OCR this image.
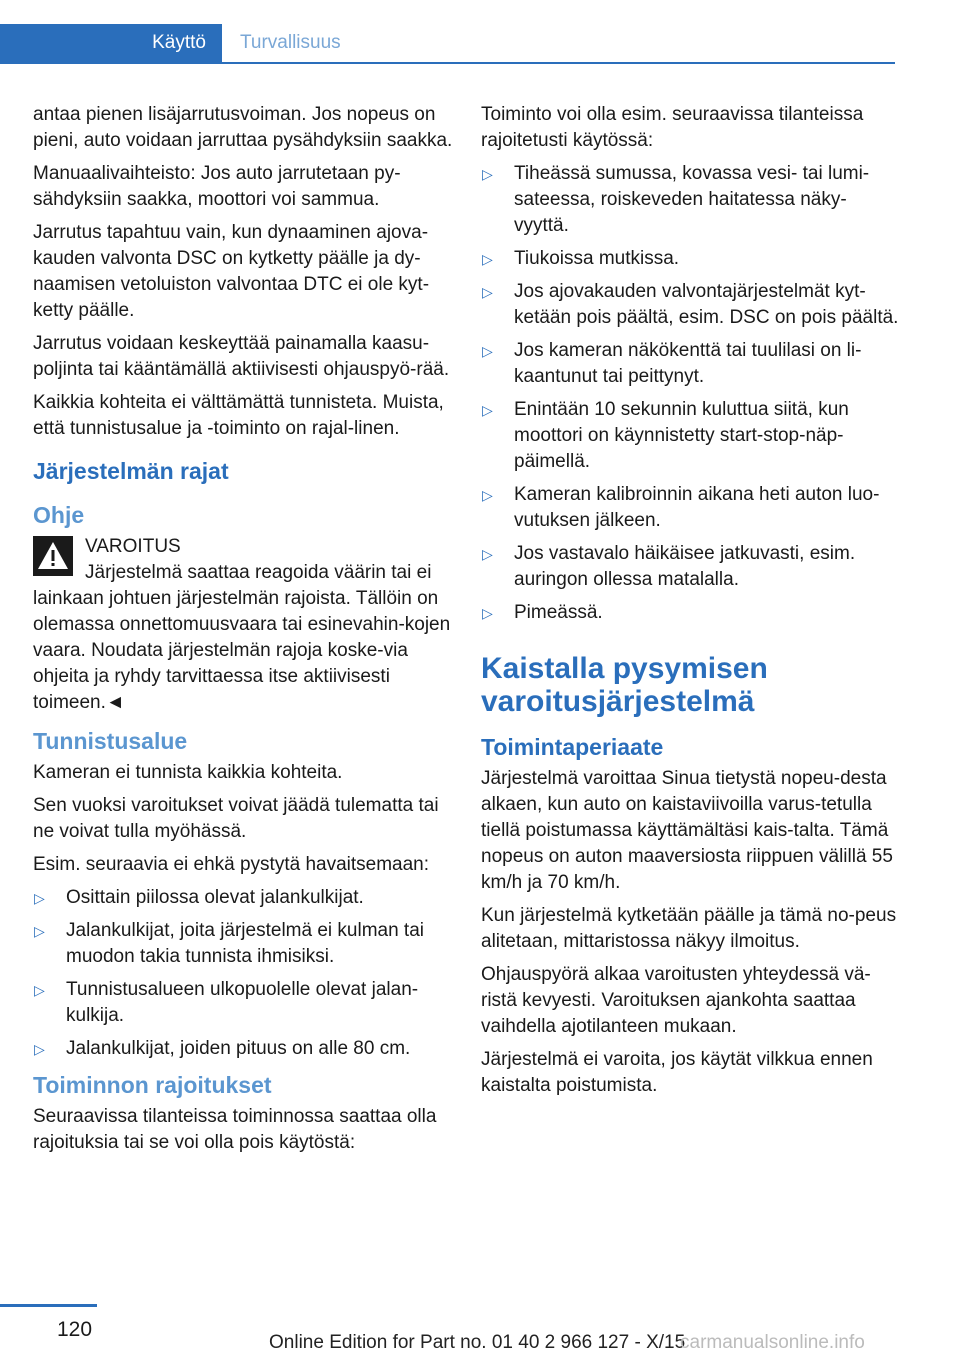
Käyttö	Turvallisuus

antaa pienen lisäjarrutusvoiman. Jos nopeus on pieni, auto voidaan jarruttaa pysähdyksiin saakka.

Manuaalivaihteisto: Jos auto jarrutetaan py‐sähdyksiin saakka, moottori voi sammua.

Jarrutus tapahtuu vain, kun dynaaminen ajova‐kauden valvonta DSC on kytketty päälle ja dy‐naamisen vetoluiston valvontaa DTC ei ole kyt‐ketty päälle.

Jarrutus voidaan keskeyttää painamalla kaasu‐poljinta tai kääntämällä aktiivisesti ohjauspyö‐rää.

Kaikkia kohteita ei välttämättä tunnisteta. Muista, että tunnistusalue ja -toiminto on rajal‐linen.

Järjestelmän rajat
Ohje

VAROITUS

Järjestelmä saattaa reagoida väärin tai ei lainkaan johtuen järjestelmän rajoista. Tällöin on olemassa onnettomuusvaara tai esinevahin‐kojen vaara. Noudata järjestelmän rajoja koske‐via ohjeita ja ryhdy tarvittaessa itse aktiivisesti toimeen.◄

Tunnistusalue

Kameran ei tunnista kaikkia kohteita.

Sen vuoksi varoitukset voivat jäädä tulematta tai ne voivat tulla myöhässä.

Esim. seuraavia ei ehkä pystytä havaitsemaan:

▷ Osittain piilossa olevat jalankulkijat.
▷ Jalankulkijat, joita järjestelmä ei kulman tai muodon takia tunnista ihmisiksi.
▷ Tunnistusalueen ulkopuolelle olevat jalan‐kulkija.
▷ Jalankulkijat, joiden pituus on alle 80 cm.
Toiminnon rajoitukset

Seuraavissa tilanteissa toiminnossa saattaa olla rajoituksia tai se voi olla pois käytöstä:

Toiminto voi olla esim. seuraavissa tilanteissa rajoitetusti käytössä:

▷ Tiheässä sumussa, kovassa vesi- tai lumi‐sateessa, roiskeveden haitatessa näky‐vyyttä.
▷ Tiukoissa mutkissa.
▷ Jos ajovakauden valvontajärjestelmät kyt‐ketään pois päältä, esim. DSC on pois päältä.
▷ Jos kameran näkökenttä tai tuulilasi on li‐kaantunut tai peittynyt.
▷ Enintään 10 sekunnin kuluttua siitä, kun moottori on käynnistetty start-stop-näp‐päimellä.
▷ Kameran kalibroinnin aikana heti auton luo‐vutuksen jälkeen.
▷ Jos vastavalo häikäisee jatkuvasti, esim. auringon ollessa matalalla.
▷ Pimeässä.
Kaistalla pysymisen varoitusjärjestelmä
Toimintaperiaate

Järjestelmä varoittaa Sinua tietystä nopeu‐desta alkaen, kun auto on kaistaviivoilla varus‐tetulla tiellä poistumassa käyttämältäsi kais‐talta. Tämä nopeus on auton maaversiosta riippuen välillä 55 km/h ja 70 km/h.

Kun järjestelmä kytketään päälle ja tämä no‐peus alitetaan, mittaristossa näkyy ilmoitus.

Ohjauspyörä alkaa varoitusten yhteydessä vä‐ristä kevyesti. Varoituksen ajankohta saattaa vaihdella ajotilanteen mukaan.

Järjestelmä ei varoita, jos käytät vilkkua ennen kaistalta poistumista.

120
Online Edition for Part no. 01 40 2 966 127 - X/15
carmanualsonline.info
